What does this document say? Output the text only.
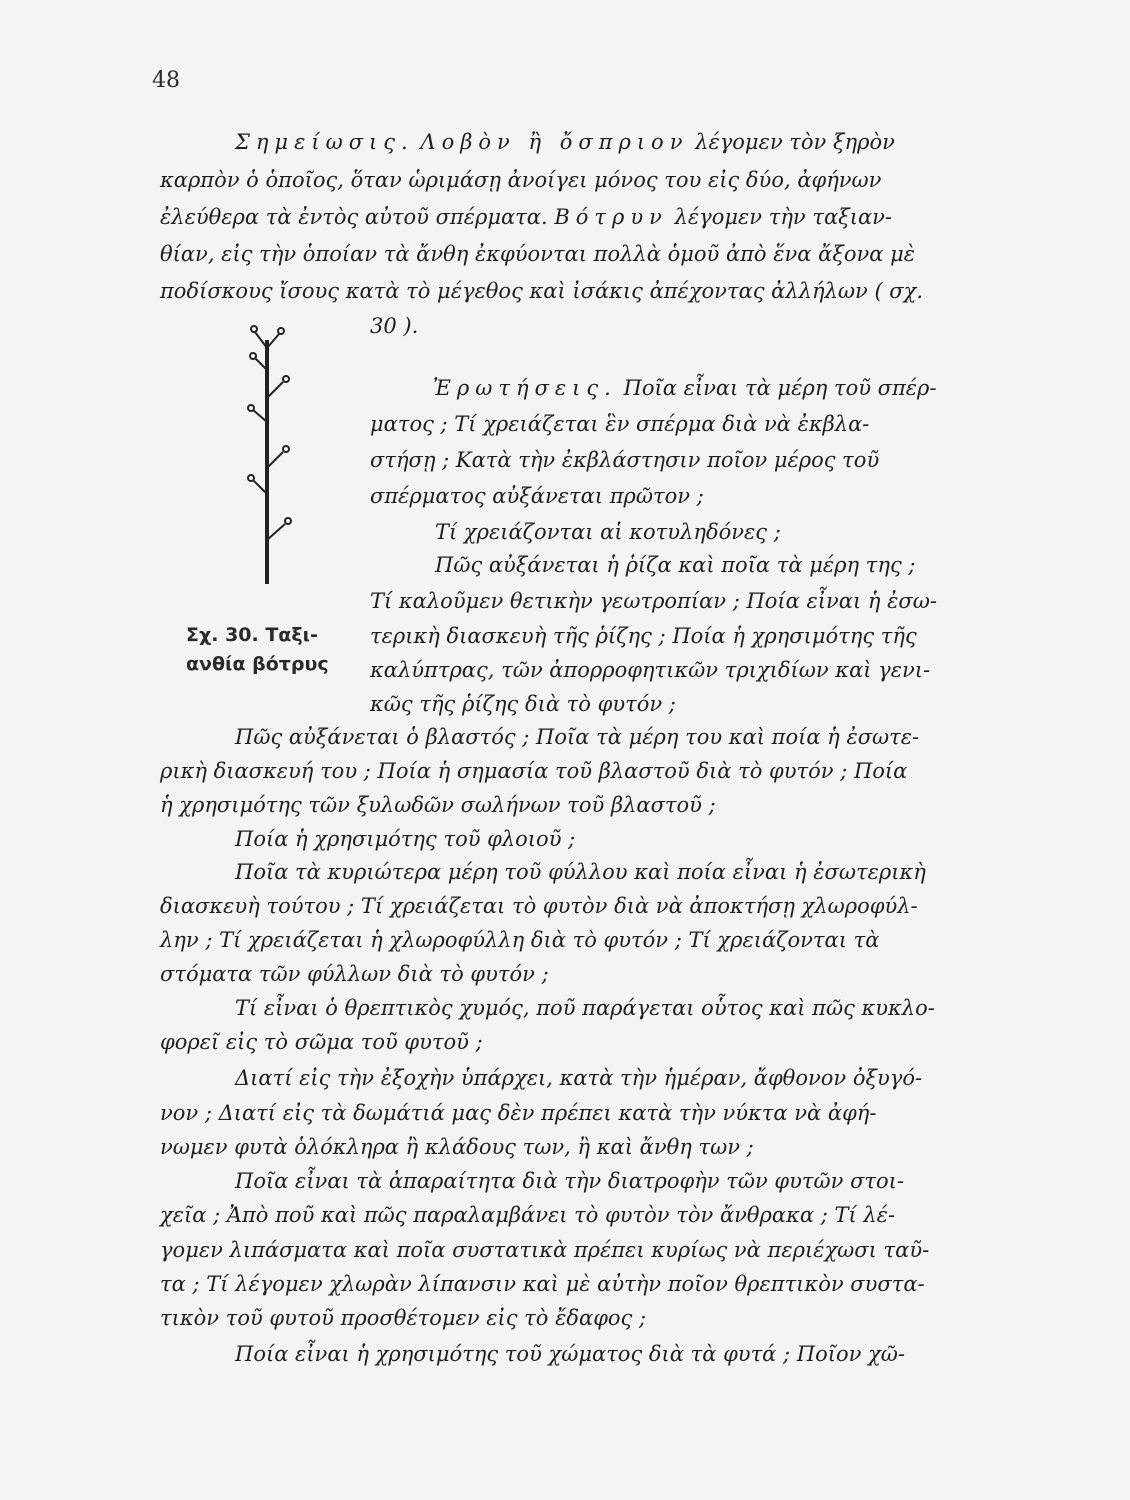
48
Σημείωσις. Λοβὸν ἢ ὄσπριον λέγομεν τὸν ξηρὸν
καρπὸν ὁ ὁποῖος, ὅταν ὡριμάσῃ ἀνοίγει μόνος του εἰς δύο, ἀφήνων
ἐλεύθερα τὰ ἐντὸς αὐτοῦ σπέρματα. Βότρυν λέγομεν τὴν ταξιαν-
θίαν, εἰς τὴν ὁποίαν τὰ ἄνθη ἐκφύονται πολλὰ ὁμοῦ ἀπὸ ἕνα ἄξονα μὲ
ποδίσκους ἴσους κατὰ τὸ μέγεθος καὶ ἰσάκις ἀπέχοντας ἀλλήλων ( σχ.
30 ).
Σχ. 30. Ταξι-
ανθία βότρυς
Ἐρωτήσεις. Ποῖα εἶναι τὰ μέρη τοῦ σπέρ-
ματος ; Τί χρειάζεται ἓν σπέρμα διὰ νὰ ἐκβλα-
στήσῃ ; Κατὰ τὴν ἐκβλάστησιν ποῖον μέρος τοῦ
σπέρματος αὐξάνεται πρῶτον ;
Τί χρειάζονται αἱ κοτυληδόνες ;
Πῶς αὐξάνεται ἡ ῥίζα καὶ ποῖα τὰ μέρη της ;
Τί καλοῦμεν θετικὴν γεωτροπίαν ; Ποία εἶναι ἡ ἐσω-
τερικὴ διασκευὴ τῆς ῥίζης ; Ποία ἡ χρησιμότης τῆς
καλύπτρας, τῶν ἀπορροφητικῶν τριχιδίων καὶ γενι-
κῶς τῆς ῥίζης διὰ τὸ φυτόν ;
Πῶς αὐξάνεται ὁ βλαστός ; Ποῖα τὰ μέρη του καὶ ποία ἡ ἐσωτε-
ρικὴ διασκευή του ; Ποία ἡ σημασία τοῦ βλαστοῦ διὰ τὸ φυτόν ; Ποία
ἡ χρησιμότης τῶν ξυλωδῶν σωλήνων τοῦ βλαστοῦ ;
Ποία ἡ χρησιμότης τοῦ φλοιοῦ ;
Ποῖα τὰ κυριώτερα μέρη τοῦ φύλλου καὶ ποία εἶναι ἡ ἐσωτερικὴ
διασκευὴ τούτου ; Τί χρειάζεται τὸ φυτὸν διὰ νὰ ἀποκτήσῃ χλωροφύλ-
λην ; Τί χρειάζεται ἡ χλωροφύλλη διὰ τὸ φυτόν ; Τί χρειάζονται τὰ
στόματα τῶν φύλλων διὰ τὸ φυτόν ;
Τί εἶναι ὁ θρεπτικὸς χυμός, ποῦ παράγεται οὗτος καὶ πῶς κυκλο-
φορεῖ εἰς τὸ σῶμα τοῦ φυτοῦ ;
Διατί εἰς τὴν ἐξοχὴν ὑπάρχει, κατὰ τὴν ἡμέραν, ἄφθονον ὀξυγό-
νον ; Διατί εἰς τὰ δωμάτιά μας δὲν πρέπει κατὰ τὴν νύκτα νὰ ἀφή-
νωμεν φυτὰ ὁλόκληρα ἢ κλάδους των, ἢ καὶ ἄνθη των ;
Ποῖα εἶναι τὰ ἀπαραίτητα διὰ τὴν διατροφὴν τῶν φυτῶν στοι-
χεῖα ; Ἀπὸ ποῦ καὶ πῶς παραλαμβάνει τὸ φυτὸν τὸν ἄνθρακα ; Τί λέ-
γομεν λιπάσματα καὶ ποῖα συστατικὰ πρέπει κυρίως νὰ περιέχωσι ταῦ-
τα ; Τί λέγομεν χλωρὰν λίπανσιν καὶ μὲ αὐτὴν ποῖον θρεπτικὸν συστα-
τικὸν τοῦ φυτοῦ προσθέτομεν εἰς τὸ ἔδαφος ;
Ποία εἶναι ἡ χρησιμότης τοῦ χώματος διὰ τὰ φυτά ; Ποῖον χῶ-
